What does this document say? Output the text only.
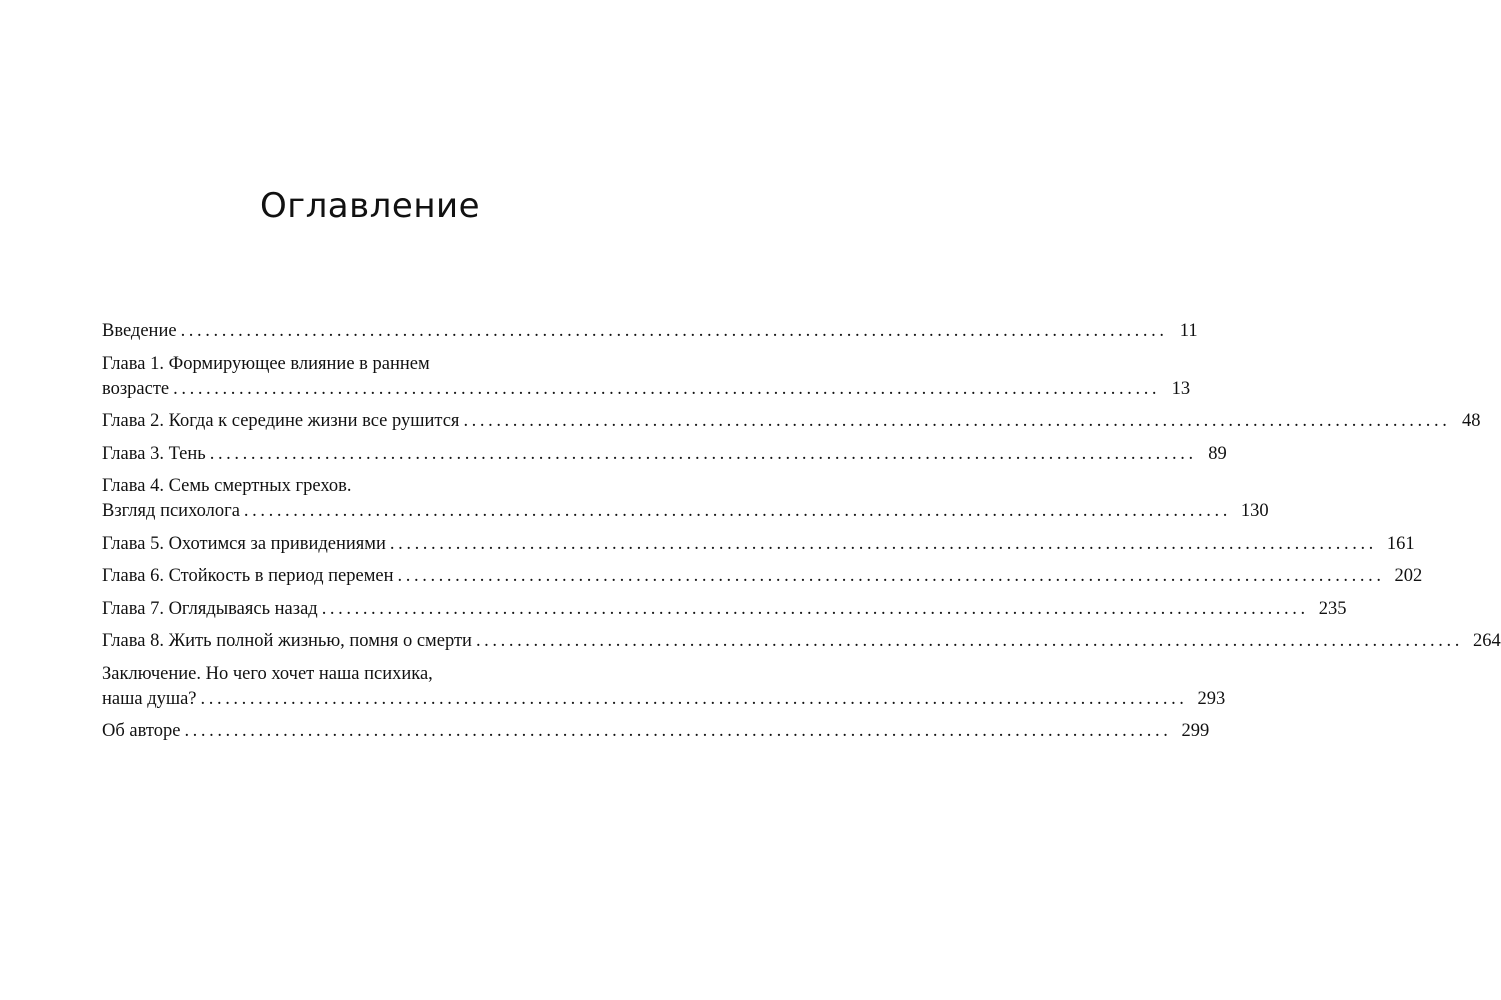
Оглавление
Введение ........................................................................................................................ 11
Глава 1. Формирующее влияние в раннем
возрасте ........................................................................................................................ 13
Глава 2. Когда к середине жизни все рушится ........................................................................................................................ 48
Глава 3. Тень ........................................................................................................................ 89
Глава 4. Семь смертных грехов.
Взгляд психолога ........................................................................................................................ 130
Глава 5. Охотимся за привидениями ........................................................................................................................ 161
Глава 6. Стойкость в период перемен ........................................................................................................................ 202
Глава 7. Оглядываясь назад ........................................................................................................................ 235
Глава 8. Жить полной жизнью, помня о смерти ........................................................................................................................ 264
Заключение. Но чего хочет наша психика,
наша душа? ........................................................................................................................ 293
Об авторе ........................................................................................................................ 299
